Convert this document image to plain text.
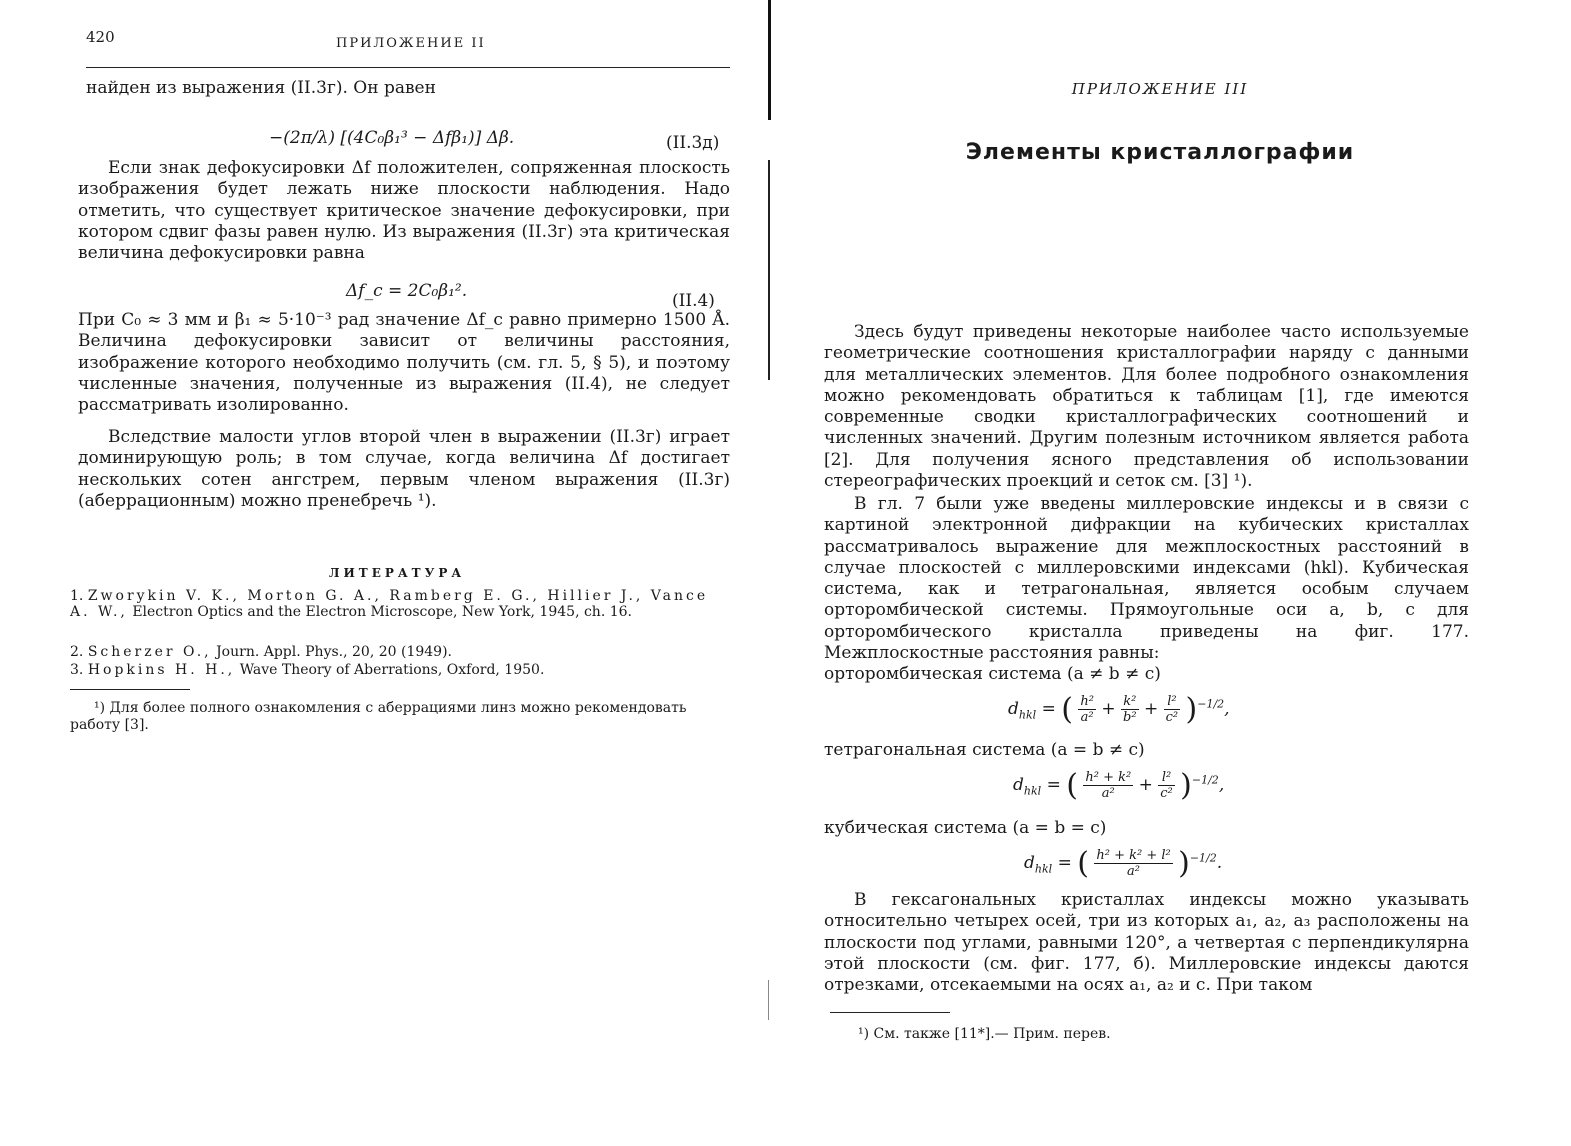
420	ПРИЛОЖЕНИЕ II

найден из выражения (II.3г). Он равен

−(2π/λ) [(4C₀β₁³ − Δfβ₁)] Δβ.	(II.3д)

Если знак дефокусировки Δf положителен, сопряженная плоскость изображения будет лежать ниже плоскости наблюдения. Надо отметить, что существует критическое значение дефокусировки, при котором сдвиг фазы равен нулю. Из выражения (II.3г) эта критическая величина дефокусировки равна

Δf_c = 2C₀β₁².	(II.4)

При C₀ ≈ 3 мм и β₁ ≈ 5·10⁻³ рад значение Δf_c равно примерно 1500 Å. Величина дефокусировки зависит от величины расстояния, изображение которого необходимо получить (см. гл. 5, § 5), и поэтому численные значения, полученные из выражения (II.4), не следует рассматривать изолированно.

Вследствие малости углов второй член в выражении (II.3г) играет доминирующую роль; в том случае, когда величина Δf достигает нескольких сотен ангстрем, первым членом выражения (II.3г) (аберрационным) можно пренебречь ¹).

ЛИТЕРАТУРА
1. Zworykin V. K., Morton G. A., Ramberg E. G., Hillier J., Vance A. W., Electron Optics and the Electron Microscope, New York, 1945, ch. 16.
2. Scherzer O., Journ. Appl. Phys., 20, 20 (1949).
3. Hopkins H. H., Wave Theory of Aberrations, Oxford, 1950.

¹) Для более полного ознакомления с аберрациями линз можно рекомендовать работу [3].

ПРИЛОЖЕНИЕ III
Элементы кристаллографии

Здесь будут приведены некоторые наиболее часто используемые геометрические соотношения кристаллографии наряду с данными для металлических элементов. Для более подробного ознакомления можно рекомендовать обратиться к таблицам [1], где имеются современные сводки кристаллографических соотношений и численных значений. Другим полезным источником является работа [2]. Для получения ясного представления об использовании стереографических проекций и сеток см. [3] ¹).

В гл. 7 были уже введены миллеровские индексы и в связи с картиной электронной дифракции на кубических кристаллах рассматривалось выражение для межплоскостных расстояний в случае плоскостей с миллеровскими индексами (hkl). Кубическая система, как и тетрагональная, является особым случаем орторомбической системы. Прямоугольные оси a, b, c для орторомбического кристалла приведены на фиг. 177. Межплоскостные расстояния равны:

орторомбическая система (a ≠ b ≠ c)
$d_{hkl}$ = ( $\frac{\text{h²}}{\text{a²}} + \frac{\text{k²}}{\text{b²}} + \frac{\text{l²}}{\text{c²}} )^{-1/2}$,
тетрагональная система (a = b ≠ c)
$d_{hkl}$ = ( $\frac{\text{h² + k²}}{\text{a²}} + \frac{\text{l²}}{\text{c²}} )^{-1/2}$,
кубическая система (a = b = c)
$d_{hkl}$ = ( $\frac{\text{h² + k² + l²}}{\text{a²}} )^{-1/2}$.

В гексагональных кристаллах индексы можно указывать относительно четырех осей, три из которых a₁, a₂, a₃ расположены на плоскости под углами, равными 120°, а четвертая c перпендикулярна этой плоскости (см. фиг. 177, б). Миллеровские индексы даются отрезками, отсекаемыми на осях a₁, a₂ и c. При таком

¹) См. также [11*].— Прим. перев.
